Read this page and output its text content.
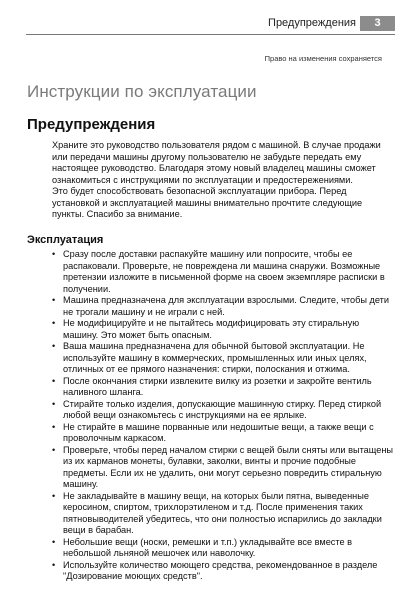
Предупреждения	3
Право на изменения сохраняется
Инструкции по эксплуатации
Предупреждения

Храните это руководство пользователя рядом с машиной. В случае продажи или передачи машины другому пользователю не забудьте передать ему настоящее руководство. Благодаря этому новый владелец машины сможет ознакомиться с инструкциями по эксплуатации и предостережениями.

Это будет способствовать безопасной эксплуатации прибора. Перед установкой и эксплуатацией машины внимательно прочтите следующие пункты. Спасибо за внимание.

Эксплуатация
• Сразу после доставки распакуйте машину или попросите, чтобы ее распаковали. Проверьте, не повреждена ли машина снаружи. Возможные претензии изложите в письменной форме на своем экземпляре расписки в получении.
• Машина предназначена для эксплуатации взрослыми. Следите, чтобы дети не трогали машину и не играли с ней.
• Не модифицируйте и не пытайтесь модифицировать эту стиральную машину. Это может быть опасным.
• Ваша машина предназначена для обычной бытовой эксплуатации. Не используйте машину в коммерческих, промышленных или иных целях, отличных от ее прямого назначения: стирки, полоскания и отжима.
• После окончания стирки извлеките вилку из розетки и закройте вентиль наливного шланга.
• Стирайте только изделия, допускающие машинную стирку. Перед стиркой любой вещи ознакомьтесь с инструкциями на ее ярлыке.
• Не стирайте в машине порванные или недошитые вещи, а также вещи с проволочным каркасом.
• Проверьте, чтобы перед началом стирки с вещей были сняты или вытащены из их карманов монеты, булавки, заколки, винты и прочие подобные предметы. Если их не удалить, они могут серьезно повредить стиральную машину.
• Не закладывайте в машину вещи, на которых были пятна, выведенные керосином, спиртом, трихлорэтиленом и т.д. После применения таких пятновыводителей убедитесь, что они полностью испарились до закладки вещи в барабан.
• Небольшие вещи (носки, ремешки и т.п.) укладывайте все вместе в небольшой льняной мешочек или наволочку.
• Используйте количество моющего средства, рекомендованное в разделе "Дозирование моющих средств".
